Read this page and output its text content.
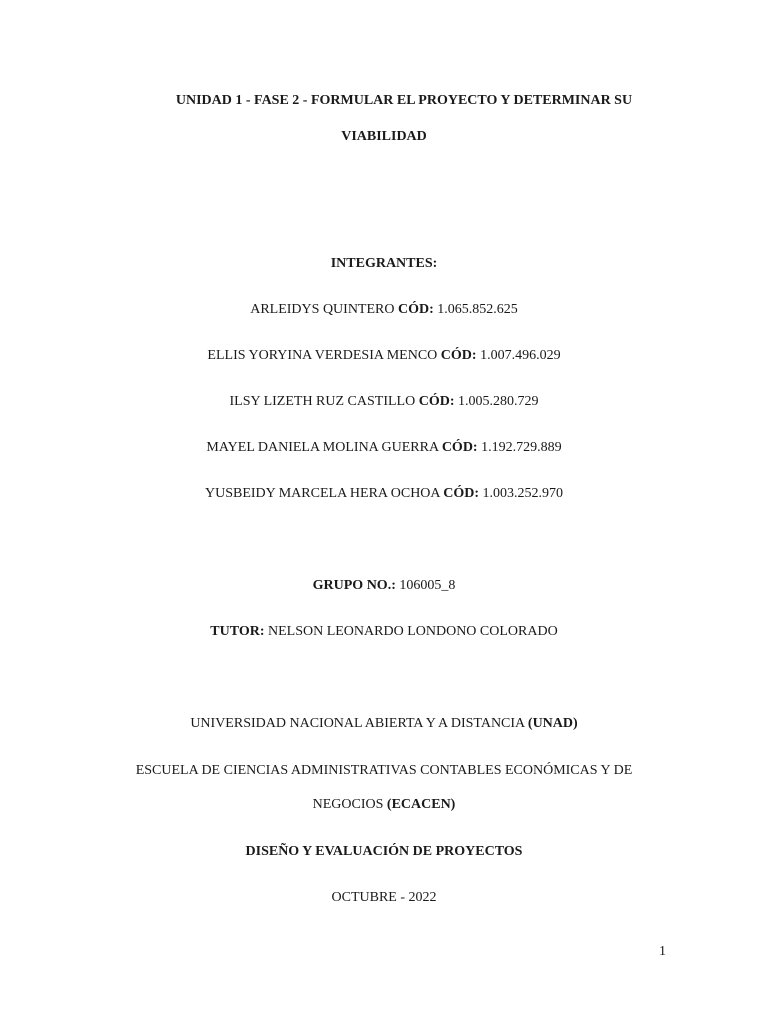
UNIDAD 1 - FASE 2 - FORMULAR EL PROYECTO Y DETERMINAR SU
VIABILIDAD
INTEGRANTES:
ARLEIDYS QUINTERO CÓD: 1.065.852.625
ELLIS YORYINA VERDESIA MENCO CÓD: 1.007.496.029
ILSY LIZETH RUZ CASTILLO CÓD: 1.005.280.729
MAYEL DANIELA MOLINA GUERRA CÓD: 1.192.729.889
YUSBEIDY MARCELA HERA OCHOA CÓD: 1.003.252.970
GRUPO NO.: 106005_8
TUTOR: NELSON LEONARDO LONDONO COLORADO
UNIVERSIDAD NACIONAL ABIERTA Y A DISTANCIA (UNAD)
ESCUELA DE CIENCIAS ADMINISTRATIVAS CONTABLES ECONÓMICAS Y DE
NEGOCIOS (ECACEN)
DISEÑO Y EVALUACIÓN DE PROYECTOS
OCTUBRE - 2022
1
